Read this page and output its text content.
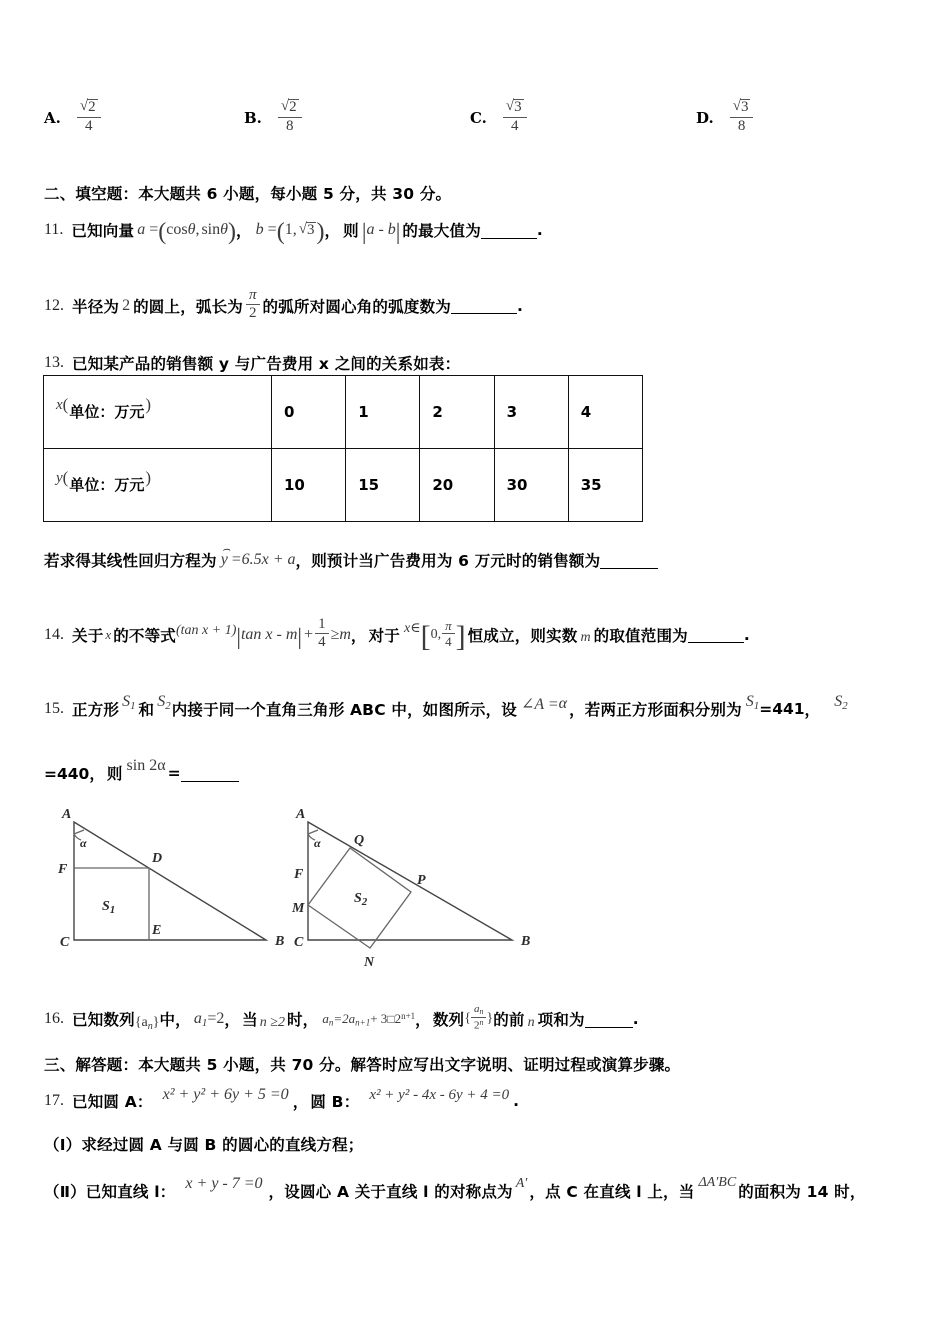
A. $\frac{√ 2}{4}$	B. $\frac{√ 2}{8}$	C. $\frac{√ 3}{4}$	D. $\frac{√ 3}{8}$
二、填空题：本大题共 6 小题，每小题 5 分，共 30 分。
11. 已知向量 a = ( cos θ , sin θ ) ， b = ( 1, √ 3 ) ， 则 | a - b | 的最大值为	.
12. 半径为 2 的圆上，弧长为 $\frac{\pi}{2}$ 的弧所对圆心角的弧度数为	.
13. 已知某产品的销售额 y 与广告费用 x 之间的关系如表：
x ( 单位：万元 )	0	1	2	3	4

y ( 单位：万元 )	10	15	20	30	35
若求得其线性回归方程为 ⌢ y =6.5x + a ，则预计当广告费用为 6 万元时的销售额为
14. 关于 x 的不等式 (tan x + 1) | tan x - m | + $\frac{1}{4} \ge m$ ， 对于 x∈ [ 0, $\frac{\pi}{4}$ ] 恒成立，则实数 m 的取值范围为	.
15. 正方形 $S_1$ 和 $S_2$ 内接于同一个直角三角形 ABC 中，如图所示，设 ∠A = α ，若两正方形面积分别为 $S_1 =441$ ， $S_2$
=440， 则 sin 2α =
A
B
C
D
E
F
α
$S_1$
A
B
C
M
N
P
Q
F
α
$S_2$
16. 已知数列 $\{a_n\}$ 中， $a_1=2$ ， 当 n ≥2 时， $a_n=2a_{n+1}+$ $3□2^{n+1}$ ， 数列 { $\frac{a_n}{2^n}$ } 的前 n 项和为	.
三、解答题：本大题共 5 小题，共 70 分。解答时应写出文字说明、证明过程或演算步骤。
17. 已知圆 A： x² + y² + 6y + 5 =0 ， 圆 B： x² + y² - 4x - 6y + 4 =0 .
（Ⅰ）求经过圆 A 与圆 B 的圆心的直线方程；
（Ⅱ）已知直线 l： x + y - 7 =0 ，设圆心 A 关于直线 l 的对称点为 A′ ，点 C 在直线 l 上，当
ΔA′BC
的面积为 14 时，
